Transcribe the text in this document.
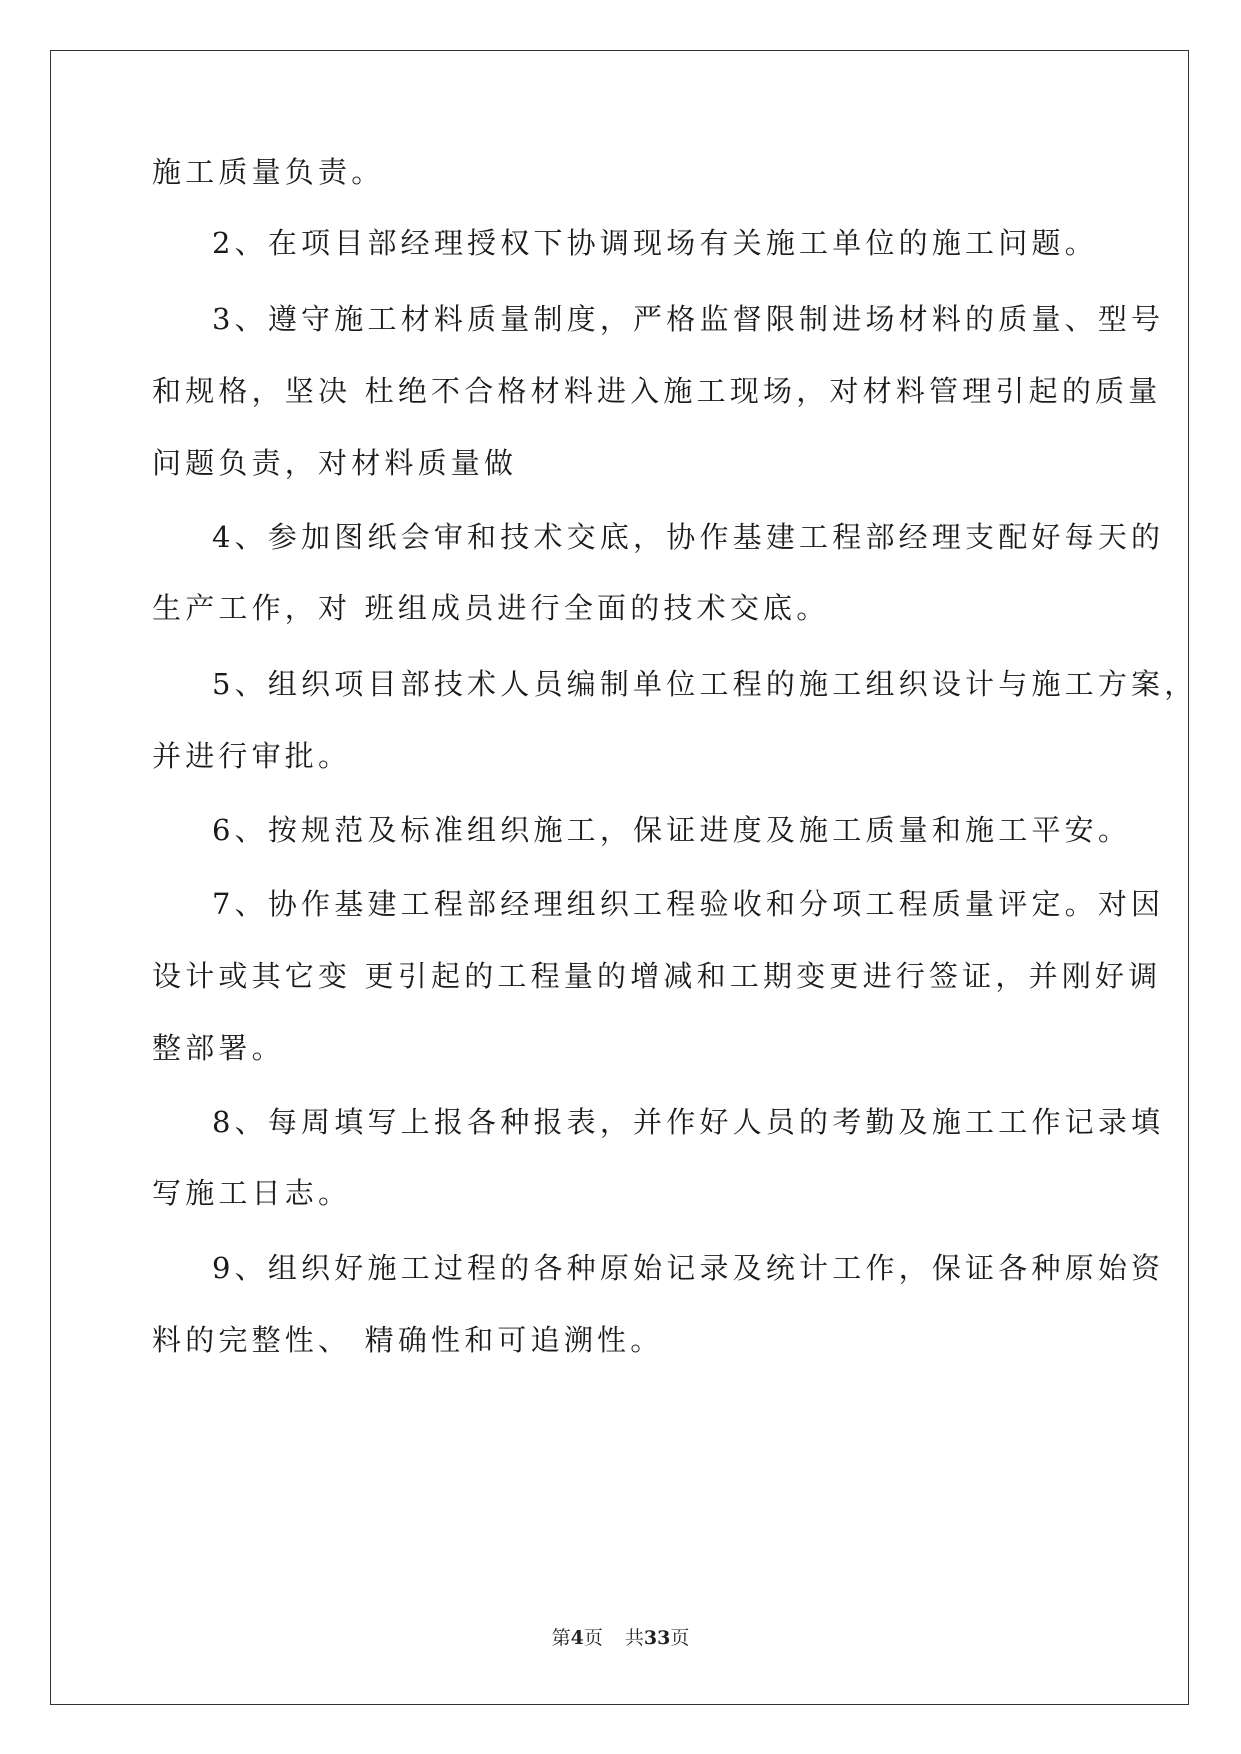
施工质量负责。

2、在项目部经理授权下协调现场有关施工单位的施工问题。

3、遵守施工材料质量制度，严格监督限制进场材料的质量、型号

和规格，坚决 杜绝不合格材料进入施工现场，对材料管理引起的质量

问题负责，对材料质量做

4、参加图纸会审和技术交底，协作基建工程部经理支配好每天的

生产工作，对 班组成员进行全面的技术交底。

5、组织项目部技术人员编制单位工程的施工组织设计与施工方案，

并进行审批。

6、按规范及标准组织施工，保证进度及施工质量和施工平安。

7、协作基建工程部经理组织工程验收和分项工程质量评定。对因

设计或其它变 更引起的工程量的增减和工期变更进行签证，并刚好调

整部署。

8、每周填写上报各种报表，并作好人员的考勤及施工工作记录填

写施工日志。

9、组织好施工过程的各种原始记录及统计工作，保证各种原始资

料的完整性、 精确性和可追溯性。

第4页 共33页
